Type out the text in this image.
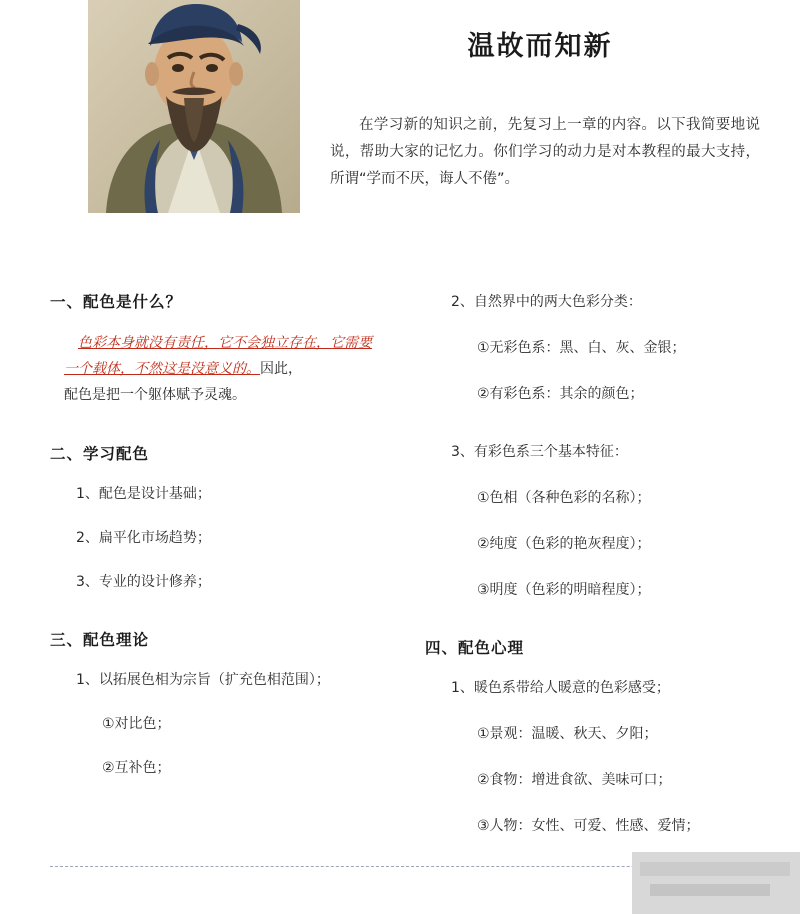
温故而知新
在学习新的知识之前，先复习上一章的内容。以下我简要地说说，帮助大家的记忆力。你们学习的动力是对本教程的最大支持，所谓“学而不厌，诲人不倦”。
一、配色是什么？

色彩本身就没有责任，它不会独立存在，它需要一个载体，不然这是没意义的。因此，
配色是把一个躯体赋予灵魂。

二、学习配色

1、配色是设计基础；

2、扁平化市场趋势；

3、专业的设计修养；

三、配色理论

1、以拓展色相为宗旨（扩充色相范围）；

①对比色；

②互补色；

2、自然界中的两大色彩分类：

①无彩色系：黑、白、灰、金银；

②有彩色系：其余的颜色；

3、有彩色系三个基本特征：

①色相（各种色彩的名称）；

②纯度（色彩的艳灰程度）；

③明度（色彩的明暗程度）；

四、配色心理

1、暖色系带给人暖意的色彩感受；

①景观：温暖、秋天、夕阳；

②食物：增进食欲、美味可口；

③人物：女性、可爱、性感、爱情；
